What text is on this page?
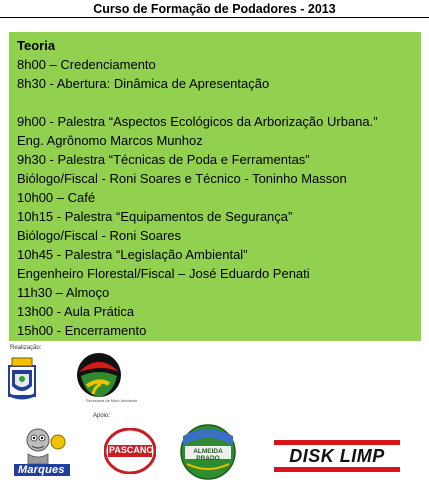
Curso de Formação de Podadores - 2013
Teoria
8h00 – Credenciamento
8h30 - Abertura: Dinâmica de Apresentação
9h00 - Palestra “Aspectos Ecológicos da Arborização Urbana.”
Eng. Agrônomo Marcos Munhoz
9h30 - Palestra “Técnicas de Poda e Ferramentas”
Biólogo/Fiscal - Roni Soares e Técnico - Toninho Masson
10h00 – Café
10h15 - Palestra “Equipamentos de Segurança”
Biólogo/Fiscal - Roni Soares
10h45 - Palestra “Legislação Ambiental”
Engenheiro Florestal/Fiscal – José Eduardo Penati
11h30 – Almoço
13h00 - Aula Prática
15h00 - Encerramento
Realização:
Secretaria de Meio Ambiente
Apoio:
Marques
PASCANO	ALMEIDA PRADO	DISK LIMP
